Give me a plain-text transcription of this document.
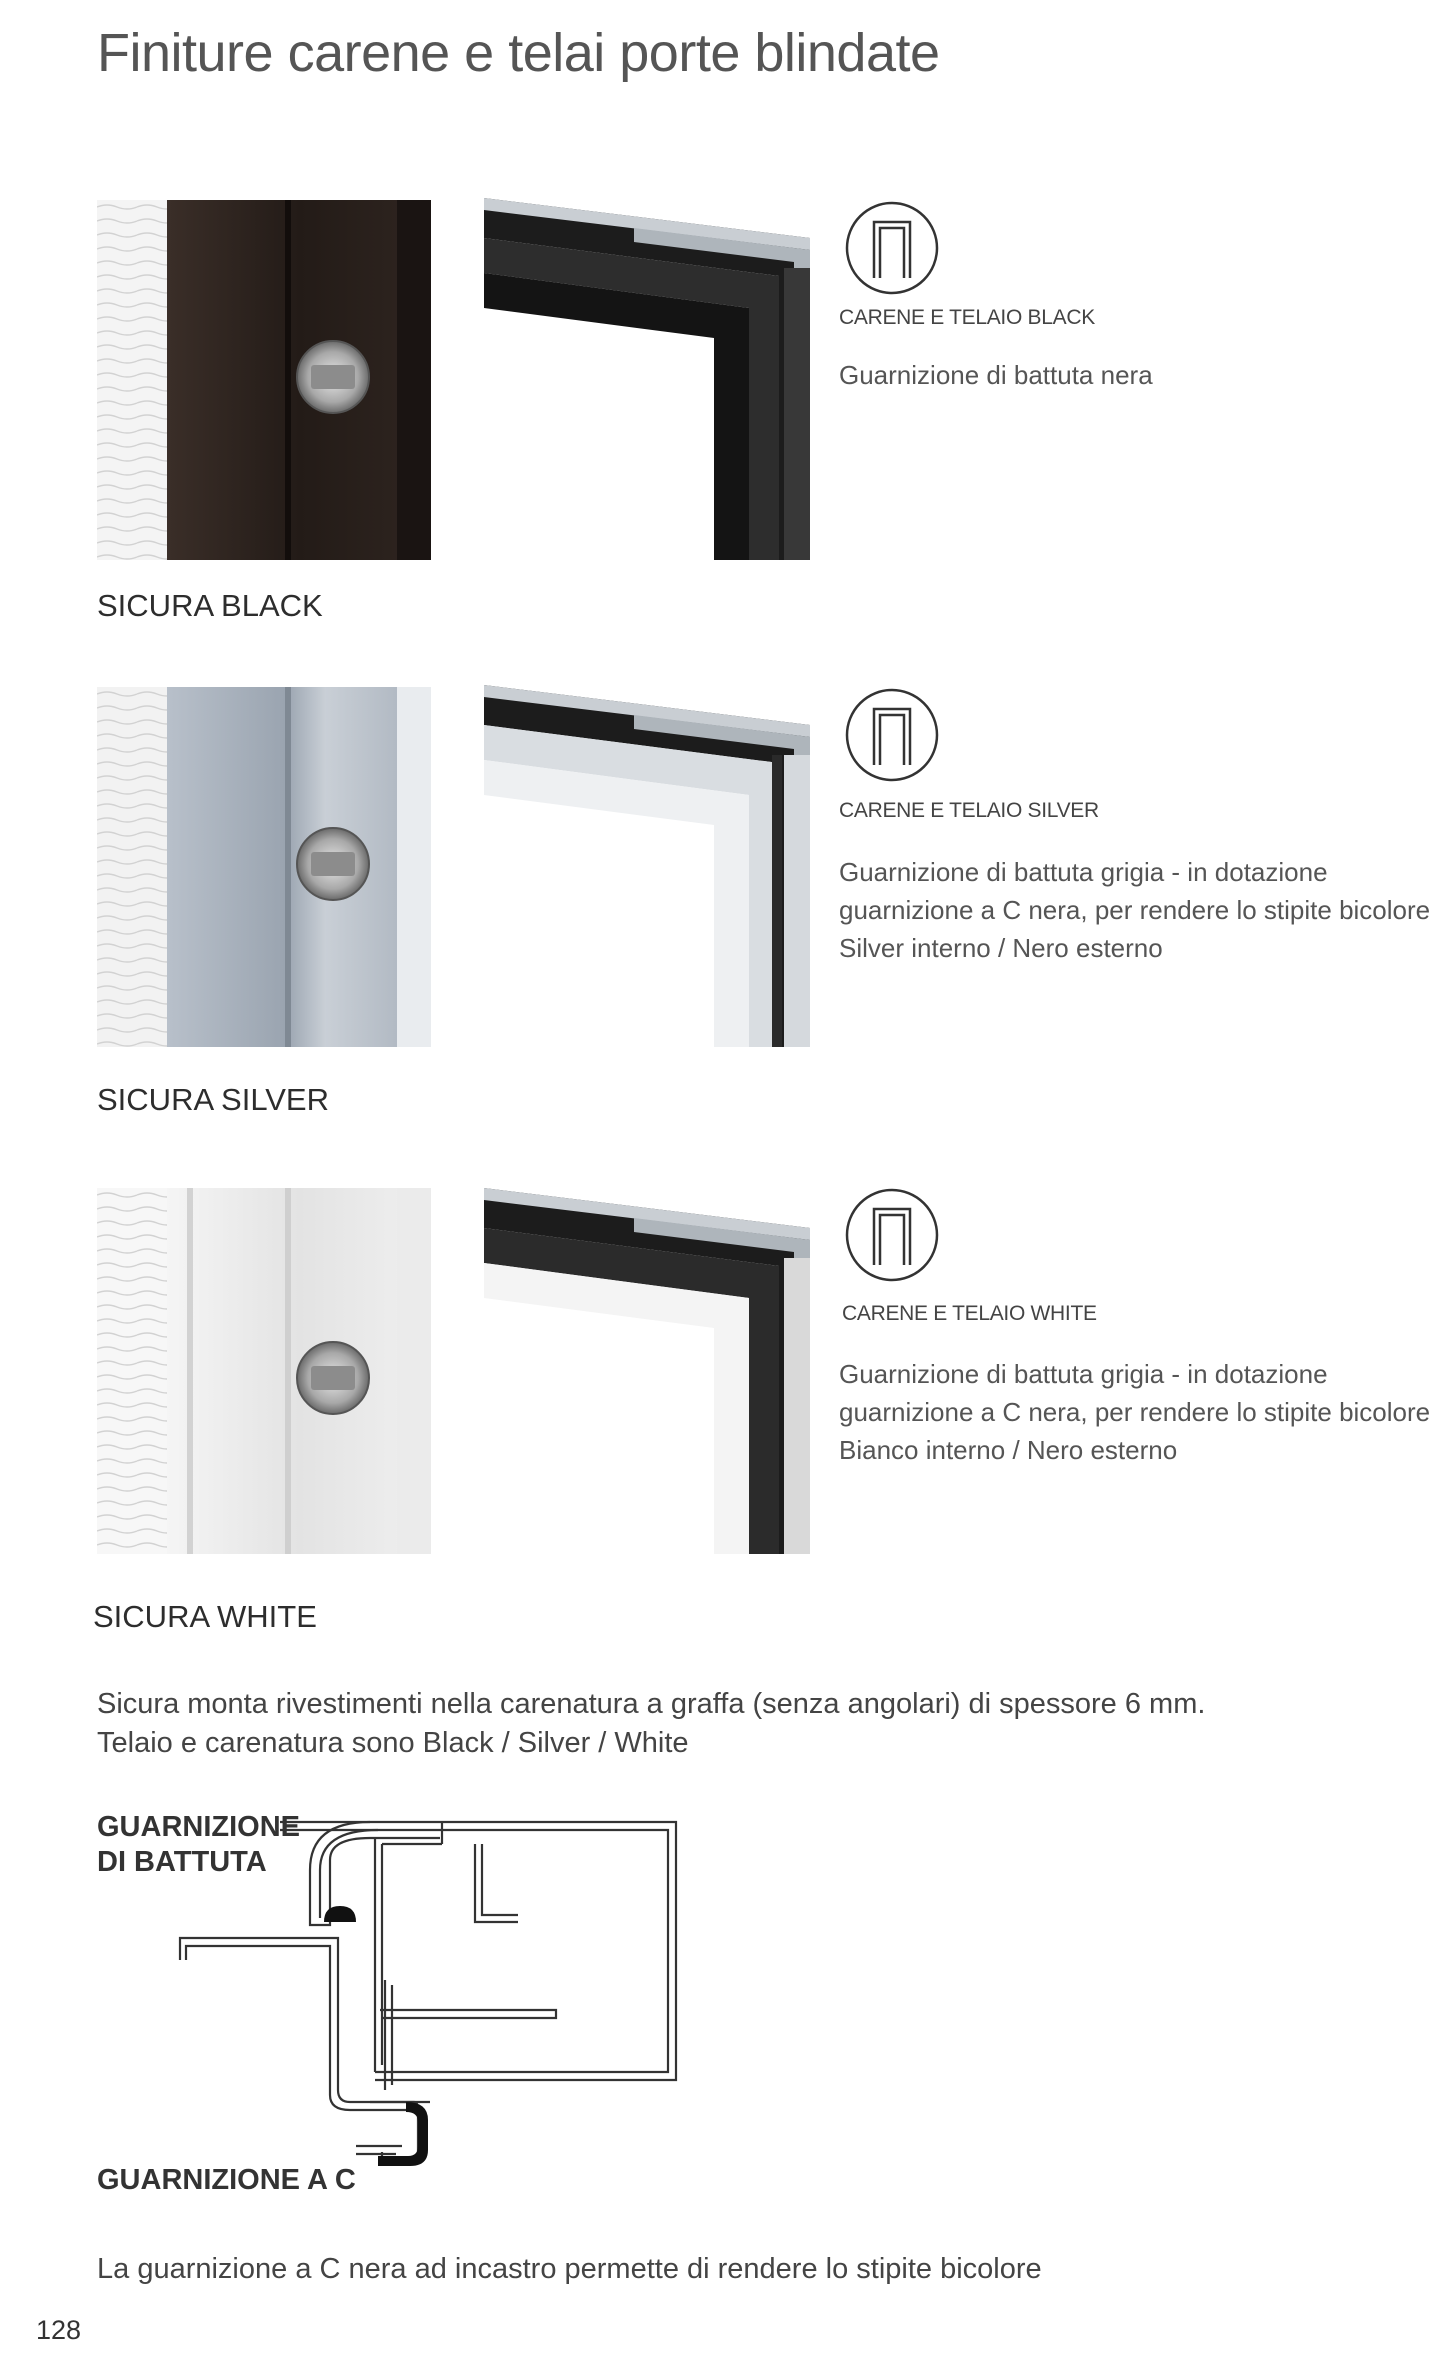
Finiture carene e telai porte blindate
CARENE E TELAIO BLACK
Guarnizione di battuta nera
SICURA BLACK
CARENE E TELAIO SILVER
Guarnizione di battuta grigia - in dotazione
guarnizione a C nera, per rendere lo stipite bicolore
Silver interno / Nero esterno
SICURA SILVER
CARENE E TELAIO WHITE
Guarnizione di battuta grigia - in dotazione
guarnizione a C nera, per rendere lo stipite bicolore
Bianco interno / Nero esterno
SICURA WHITE
Sicura monta rivestimenti nella carenatura a graffa (senza angolari) di spessore 6 mm.
Telaio e carenatura sono Black / Silver / White
GUARNIZIONE
DI BATTUTA
GUARNIZIONE A C
La guarnizione a C nera ad incastro permette di rendere lo stipite bicolore
128
